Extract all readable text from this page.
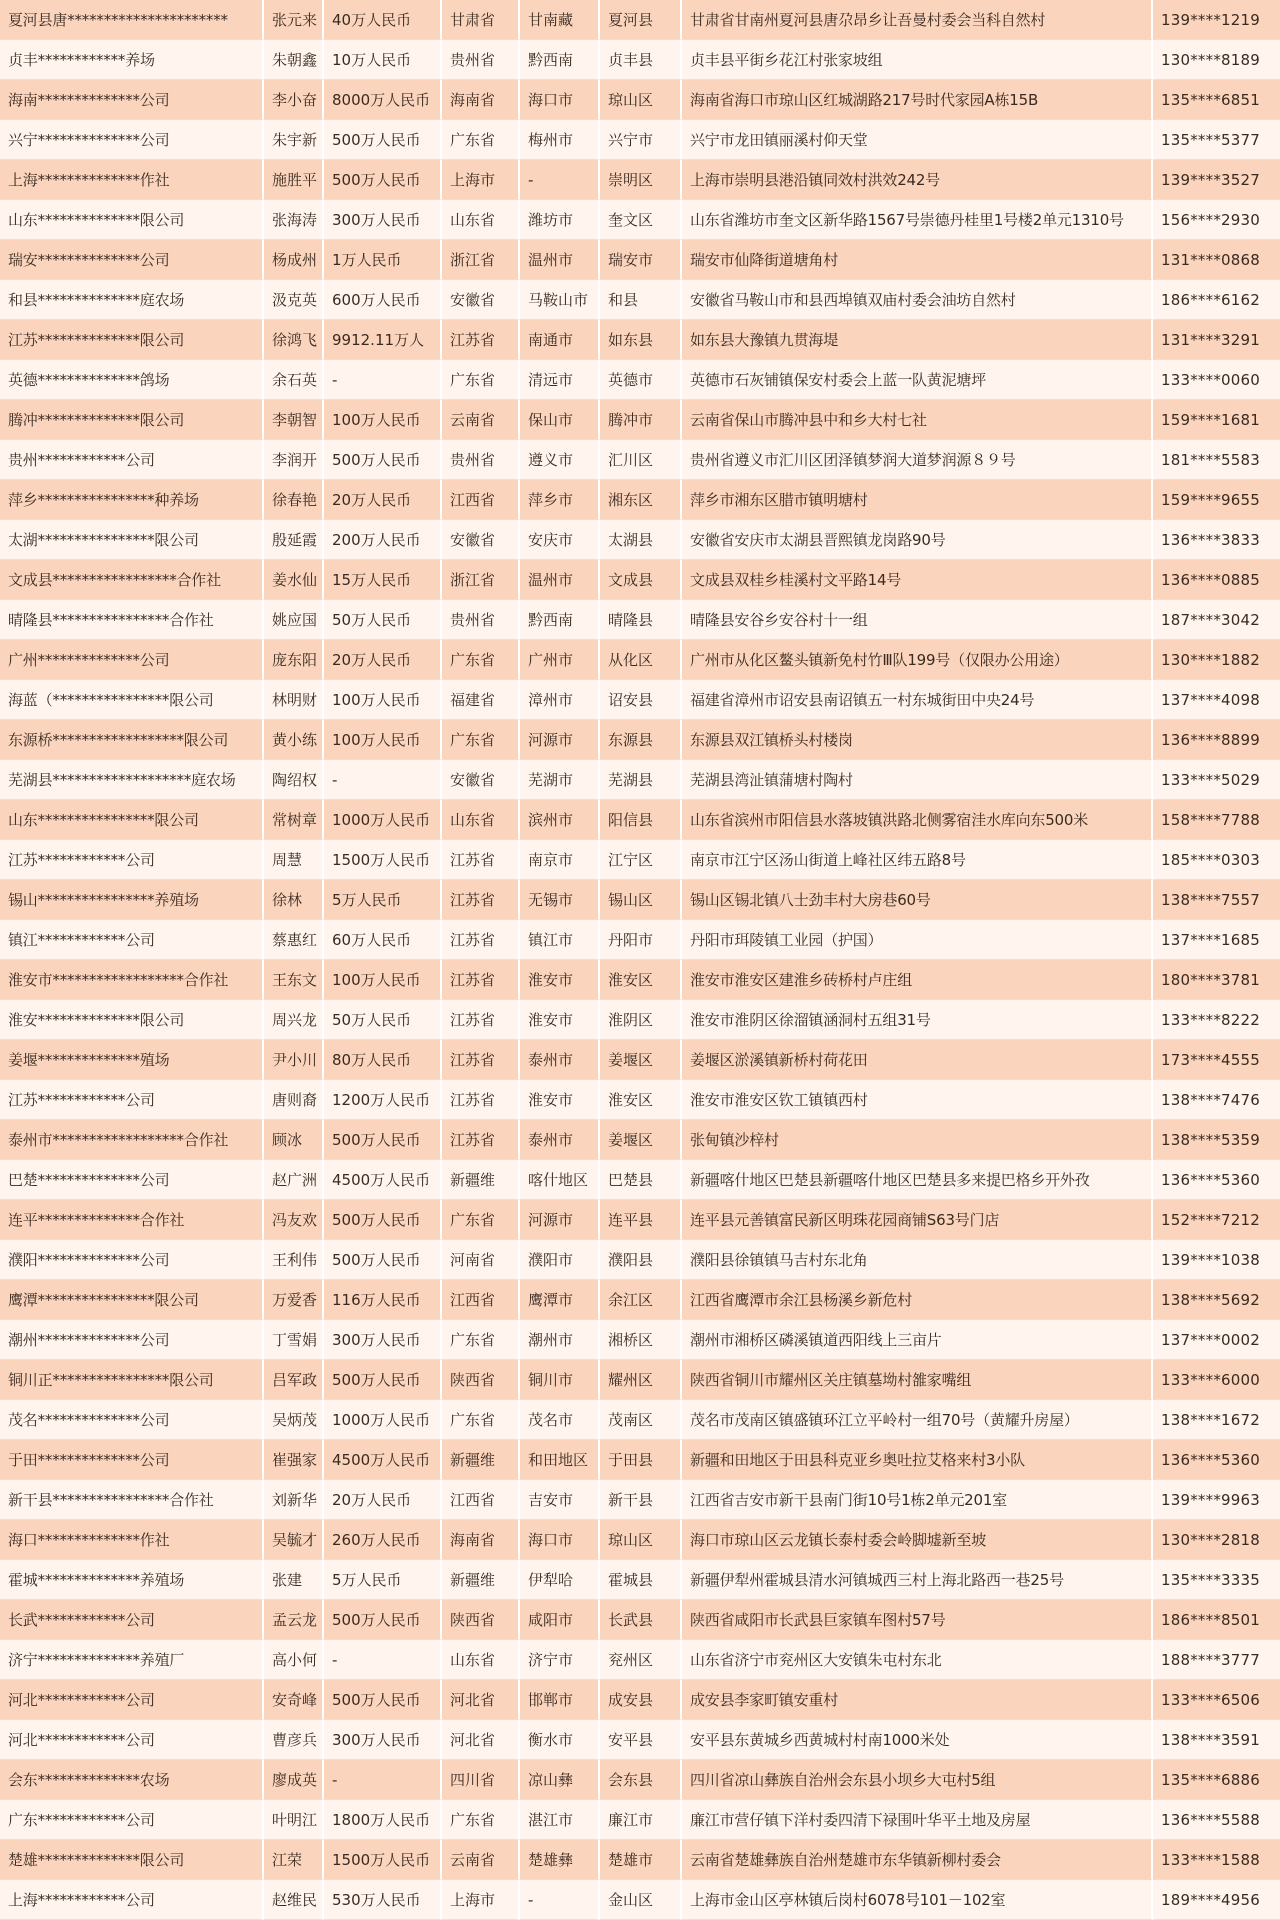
夏河县唐**********************	张元来 40万人民币	甘肃省	甘南藏	夏河县	甘肃省甘南州夏河县唐尕昂乡让吾曼村委会当科自然村	139****1219
贞丰************养场	朱朝鑫 10万人民币	贵州省	黔西南	贞丰县	贞丰县平街乡花江村张家坡组	130****8189
海南**************公司	李小奋 8000万人民币	海南省	海口市	琼山区	海南省海口市琼山区红城湖路217号时代家园A栋15B	135****6851
兴宁**************公司	朱宇新 500万人民币	广东省	梅州市	兴宁市	兴宁市龙田镇丽溪村仰天堂	135****5377
上海**************作社	施胜平 500万人民币	上海市	-	崇明区	上海市崇明县港沿镇同效村洪效242号	139****3527
山东**************限公司	张海涛 300万人民币	山东省	潍坊市	奎文区	山东省潍坊市奎文区新华路1567号崇德丹桂里1号楼2单元1310号	156****2930
瑞安**************公司	杨成州 1万人民币	浙江省	温州市	瑞安市	瑞安市仙降街道塘角村	131****0868
和县**************庭农场	汲克英 600万人民币	安徽省	马鞍山市	和县	安徽省马鞍山市和县西埠镇双庙村委会油坊自然村	186****6162
江苏**************限公司	徐鸿飞 9912.11万人	江苏省	南通市	如东县	如东县大豫镇九贯海堤	131****3291
英德**************鸽场	余石英 -	广东省	清远市	英德市	英德市石灰铺镇保安村委会上蓝一队黄泥塘坪	133****0060
腾冲**************限公司	李朝智 100万人民币	云南省	保山市	腾冲市	云南省保山市腾冲县中和乡大村七社	159****1681
贵州************公司	李润开 500万人民币	贵州省	遵义市	汇川区	贵州省遵义市汇川区团泽镇梦润大道梦润源８９号	181****5583
萍乡****************种养场	徐春艳 20万人民币	江西省	萍乡市	湘东区	萍乡市湘东区腊市镇明塘村	159****9655
太湖****************限公司	殷延霞 200万人民币	安徽省	安庆市	太湖县	安徽省安庆市太湖县晋熙镇龙岗路90号	136****3833
文成县*****************合作社	姜水仙 15万人民币	浙江省	温州市	文成县	文成县双桂乡桂溪村文平路14号	136****0885
晴隆县****************合作社	姚应国 50万人民币	贵州省	黔西南	晴隆县	晴隆县安谷乡安谷村十一组	187****3042
广州**************公司	庞东阳 20万人民币	广东省	广州市	从化区	广州市从化区鳌头镇新免村竹Ⅲ队199号（仅限办公用途）	130****1882
海蓝（****************限公司	林明财 100万人民币	福建省	漳州市	诏安县	福建省漳州市诏安县南诏镇五一村东城街田中央24号	137****4098
东源桥******************限公司	黄小练 100万人民币	广东省	河源市	东源县	东源县双江镇桥头村楼岗	136****8899
芜湖县*******************庭农场	陶绍权 -	安徽省	芜湖市	芜湖县	芜湖县湾沚镇蒲塘村陶村	133****5029
山东****************限公司	常树章 1000万人民币	山东省	滨州市	阳信县	山东省滨州市阳信县水落坡镇洪路北侧雾宿洼水库向东500米	158****7788
江苏************公司	周慧	1500万人民币	江苏省	南京市	江宁区	南京市江宁区汤山街道上峰社区纬五路8号	185****0303
锡山****************养殖场	徐林	5万人民币	江苏省	无锡市	锡山区	锡山区锡北镇八士劲丰村大房巷60号	138****7557
镇江************公司	蔡惠红 60万人民币	江苏省	镇江市	丹阳市	丹阳市珥陵镇工业园（护国）	137****1685
淮安市******************合作社	王东文 100万人民币	江苏省	淮安市	淮安区	淮安市淮安区建淮乡砖桥村卢庄组	180****3781
淮安**************限公司	周兴龙 50万人民币	江苏省	淮安市	淮阴区	淮安市淮阴区徐溜镇涵洞村五组31号	133****8222
姜堰**************殖场	尹小川 80万人民币	江苏省	泰州市	姜堰区	姜堰区淤溪镇新桥村荷花田	173****4555
江苏************公司	唐则裔 1200万人民币	江苏省	淮安市	淮安区	淮安市淮安区钦工镇镇西村	138****7476
泰州市******************合作社	顾冰	500万人民币	江苏省	泰州市	姜堰区	张甸镇沙梓村	138****5359
巴楚**************公司	赵广洲 4500万人民币	新疆维	喀什地区	巴楚县	新疆喀什地区巴楚县新疆喀什地区巴楚县多来提巴格乡开外孜	136****5360
连平**************合作社	冯友欢 500万人民币	广东省	河源市	连平县	连平县元善镇富民新区明珠花园商铺S63号门店	152****7212
濮阳**************公司	王利伟 500万人民币	河南省	濮阳市	濮阳县	濮阳县徐镇镇马吉村东北角	139****1038
鹰潭****************限公司	万爱香 116万人民币	江西省	鹰潭市	余江区	江西省鹰潭市余江县杨溪乡新危村	138****5692
潮州**************公司	丁雪娟 300万人民币	广东省	潮州市	湘桥区	潮州市湘桥区磷溪镇道西阳线上三亩片	137****0002
铜川正****************限公司	吕军政 500万人民币	陕西省	铜川市	耀州区	陕西省铜川市耀州区关庄镇墓坳村雒家嘴组	133****6000
茂名**************公司	吴炳茂 1000万人民币	广东省	茂名市	茂南区	茂名市茂南区镇盛镇环江立平岭村一组70号（黄耀升房屋）	138****1672
于田**************公司	崔强家 4500万人民币	新疆维	和田地区	于田县	新疆和田地区于田县科克亚乡奥吐拉艾格来村3小队	136****5360
新干县****************合作社	刘新华 20万人民币	江西省	吉安市	新干县	江西省吉安市新干县南门街10号1栋2单元201室	139****9963
海口**************作社	吴毓才 260万人民币	海南省	海口市	琼山区	海口市琼山区云龙镇长泰村委会岭脚墟新至坡	130****2818
霍城**************养殖场	张建	5万人民币	新疆维	伊犁哈	霍城县	新疆伊犁州霍城县清水河镇城西三村上海北路西一巷25号	135****3335
长武************公司	孟云龙 500万人民币	陕西省	咸阳市	长武县	陕西省咸阳市长武县巨家镇车图村57号	186****8501
济宁**************养殖厂	高小何 -	山东省	济宁市	兖州区	山东省济宁市兖州区大安镇朱屯村东北	188****3777
河北************公司	安奇峰 500万人民币	河北省	邯郸市	成安县	成安县李家町镇安重村	133****6506
河北************公司	曹彦兵 300万人民币	河北省	衡水市	安平县	安平县东黄城乡西黄城村村南1000米处	138****3591
会东**************农场	廖成英 -	四川省	凉山彝	会东县	四川省凉山彝族自治州会东县小坝乡大屯村5组	135****6886
广东************公司	叶明江 1800万人民币	广东省	湛江市	廉江市	廉江市营仔镇下洋村委四清下禄围叶华平土地及房屋	136****5588
楚雄**************限公司	江荣	1500万人民币	云南省	楚雄彝	楚雄市	云南省楚雄彝族自治州楚雄市东华镇新柳村委会	133****1588
上海************公司	赵维民 530万人民币	上海市	-	金山区	上海市金山区亭林镇后岗村6078号101－102室	189****4956
